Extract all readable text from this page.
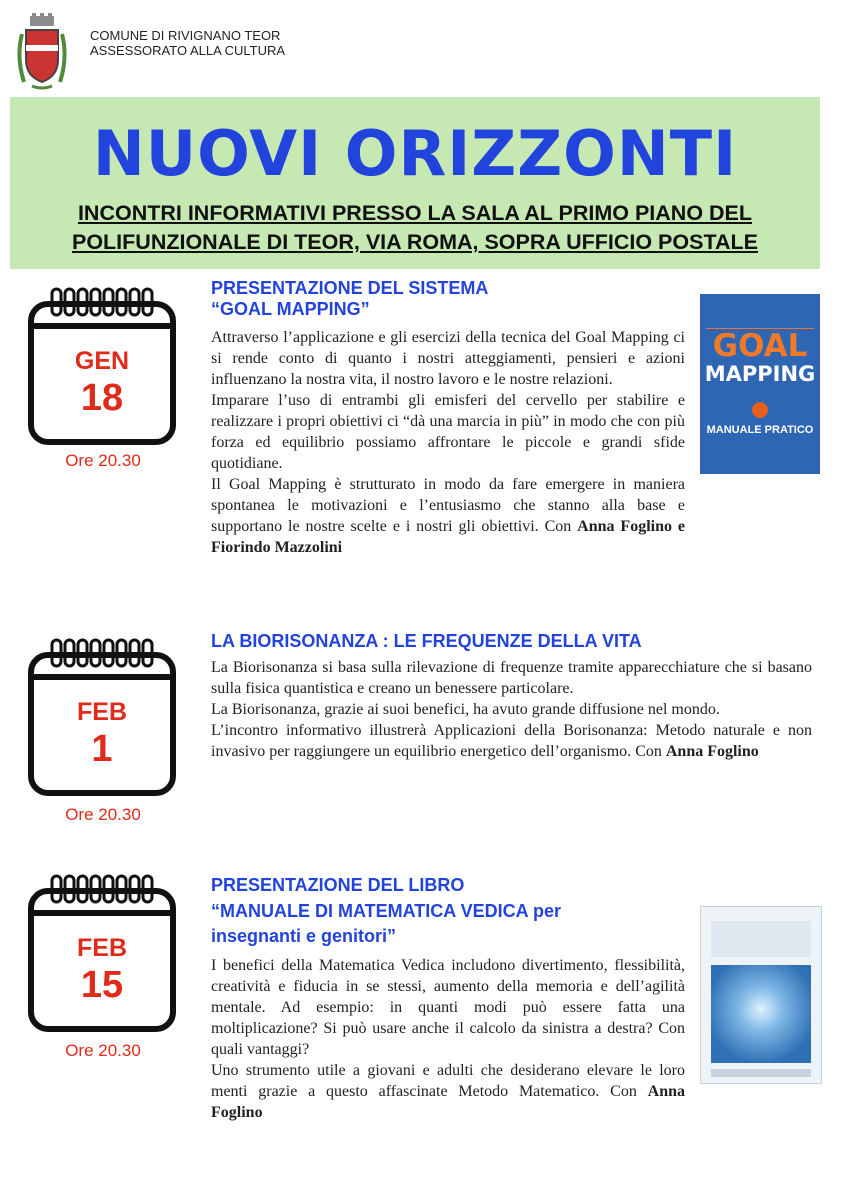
COMUNE DI RIVIGNANO TEOR
ASSESSORATO ALLA CULTURA
NUOVI ORIZZONTI
INCONTRI INFORMATIVI PRESSO LA SALA AL PRIMO PIANO DEL
POLIFUNZIONALE DI TEOR, VIA ROMA, SOPRA UFFICIO POSTALE
GEN
18
Ore 20.30
PRESENTAZIONE DEL SISTEMA
“GOAL MAPPING”

Attraverso l’applicazione e gli esercizi della tecnica del Goal Mapping ci si rende conto di quanto i nostri atteggiamenti, pensieri e azioni influenzano la nostra vita, il nostro lavoro e le nostre relazioni.

Imparare l’uso di entrambi gli emisferi del cervello per stabilire e realizzare i propri obiettivi ci “dà una marcia in più” in modo che con più forza ed equilibrio possiamo affrontare le piccole e grandi sfide quotidiane.

Il Goal Mapping è strutturato in modo da fare emergere in maniera spontanea le motivazioni e l’entusiasmo che stanno alla base e supportano le nostre scelte e i nostri gli obiettivi. Con Anna Foglino e Fiorindo Mazzolini

GOAL
MAPPING
MANUALE PRATICO
FEB
1
Ore 20.30
LA BIORISONANZA : LE FREQUENZE DELLA VITA

La Biorisonanza si basa sulla rilevazione di frequenze tramite apparecchiature che si basano sulla fisica quantistica e creano un benessere particolare.

La Biorisonanza, grazie ai suoi benefici, ha avuto grande diffusione nel mondo.

L’incontro informativo illustrerà Applicazioni della Borisonanza: Metodo naturale e non invasivo per raggiungere un equilibrio energetico dell’organismo. Con Anna Foglino

FEB
15
Ore 20.30
PRESENTAZIONE DEL LIBRO
“MANUALE DI MATEMATICA VEDICA per
insegnanti e genitori”

I benefici della Matematica Vedica includono divertimento, flessibilità, creatività e fiducia in se stessi, aumento della memoria e dell’agilità mentale. Ad esempio: in quanti modi può essere fatta una moltiplicazione? Si può usare anche il calcolo da sinistra a destra? Con quali vantaggi?

Uno strumento utile a giovani e adulti che desiderano elevare le loro menti grazie a questo affascinate Metodo Matematico. Con Anna Foglino
